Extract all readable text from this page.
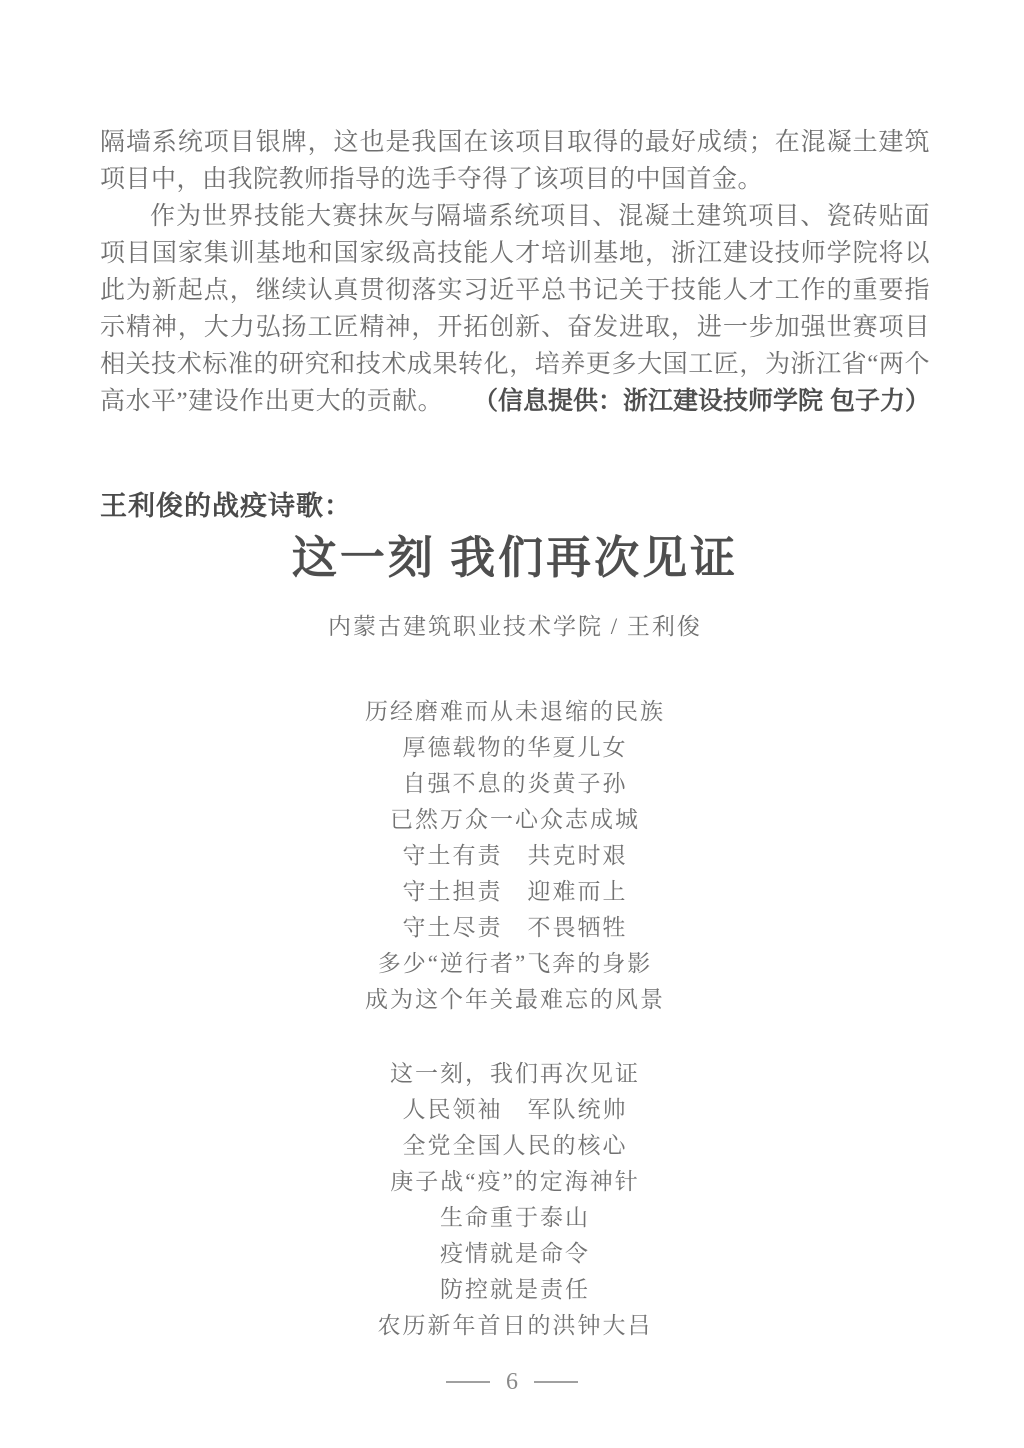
隔墙系统项目银牌，这也是我国在该项目取得的最好成绩；在混凝土建筑项目中，由我院教师指导的选手夺得了该项目的中国首金。

作为世界技能大赛抹灰与隔墙系统项目、混凝土建筑项目、瓷砖贴面项目国家集训基地和国家级高技能人才培训基地，浙江建设技师学院将以此为新起点，继续认真贯彻落实习近平总书记关于技能人才工作的重要指示精神，大力弘扬工匠精神，开拓创新、奋发进取，进一步加强世赛项目相关技术标准的研究和技术成果转化，培养更多大国工匠，为浙江省“两个高水平”建设作出更大的贡献。	（信息提供：浙江建设技师学院 包子力）
王利俊的战疫诗歌：
这一刻 我们再次见证
内蒙古建筑职业技术学院 / 王利俊
历经磨难而从未退缩的民族
厚德载物的华夏儿女
自强不息的炎黄子孙
已然万众一心众志成城
守土有责　共克时艰
守土担责　迎难而上
守土尽责　不畏牺牲
多少“逆行者”飞奔的身影
成为这个年关最难忘的风景
这一刻，我们再次见证
人民领袖　军队统帅
全党全国人民的核心
庚子战“疫”的定海神针
生命重于泰山
疫情就是命令
防控就是责任
农历新年首日的洪钟大吕
6
